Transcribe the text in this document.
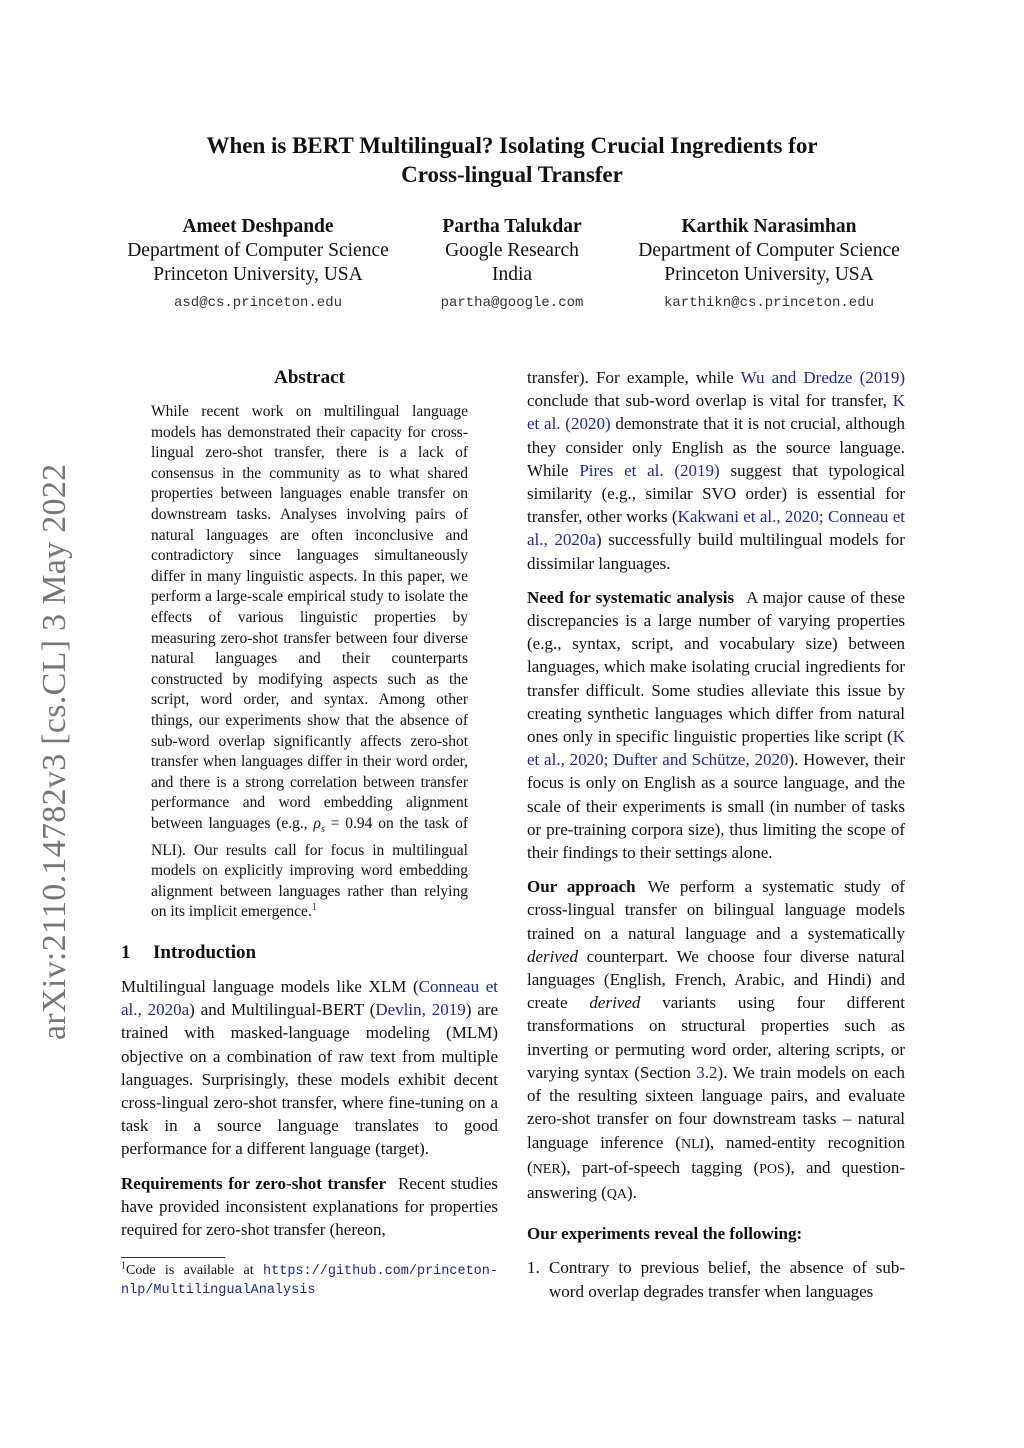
arXiv:2110.14782v3 [cs.CL] 3 May 2022
When is BERT Multilingual? Isolating Crucial Ingredients for
Cross-lingual Transfer
Ameet Deshpande
Department of Computer Science
Princeton University, USA
asd@cs.princeton.edu
Partha Talukdar
Google Research
India
partha@google.com
Karthik Narasimhan
Department of Computer Science
Princeton University, USA
karthikn@cs.princeton.edu
Abstract
While recent work on multilingual language models has demonstrated their capacity for cross-lingual zero-shot transfer, there is a lack of consensus in the community as to what shared properties between languages enable transfer on downstream tasks. Analyses involving pairs of natural languages are often inconclusive and contradictory since languages simultaneously differ in many linguistic aspects. In this paper, we perform a large-scale empirical study to isolate the effects of various linguistic properties by measuring zero-shot transfer between four diverse natural languages and their counterparts constructed by modifying aspects such as the script, word order, and syntax. Among other things, our experiments show that the absence of sub-word overlap significantly affects zero-shot transfer when languages differ in their word order, and there is a strong correlation between transfer performance and word embedding alignment between languages (e.g., $\rho_s = 0.94$ on the task of NLI). Our results call for focus in multilingual models on explicitly improving word embedding alignment between languages rather than relying on its implicit emergence.$^1$
1 Introduction

Multilingual language models like XLM (Conneau et al., 2020a) and Multilingual-BERT (Devlin, 2019) are trained with masked-language modeling (MLM) objective on a combination of raw text from multiple languages. Surprisingly, these models exhibit decent cross-lingual zero-shot transfer, where fine-tuning on a task in a source language translates to good performance for a different language (target).

Requirements for zero-shot transfer Recent studies have provided inconsistent explanations for properties required for zero-shot transfer (hereon,

$^1$Code is available at https://github.com/princeton-nlp/MultilingualAnalysis

transfer). For example, while Wu and Dredze (2019) conclude that sub-word overlap is vital for transfer, K et al. (2020) demonstrate that it is not crucial, although they consider only English as the source language. While Pires et al. (2019) suggest that typological similarity (e.g., similar SVO order) is essential for transfer, other works (Kakwani et al., 2020; Conneau et al., 2020a) successfully build multilingual models for dissimilar languages.

Need for systematic analysis A major cause of these discrepancies is a large number of varying properties (e.g., syntax, script, and vocabulary size) between languages, which make isolating crucial ingredients for transfer difficult. Some studies alleviate this issue by creating synthetic languages which differ from natural ones only in specific linguistic properties like script (K et al., 2020; Dufter and Schütze, 2020). However, their focus is only on English as a source language, and the scale of their experiments is small (in number of tasks or pre-training corpora size), thus limiting the scope of their findings to their settings alone.

Our approach We perform a systematic study of cross-lingual transfer on bilingual language models trained on a natural language and a systematically derived counterpart. We choose four diverse natural languages (English, French, Arabic, and Hindi) and create derived variants using four different transformations on structural properties such as inverting or permuting word order, altering scripts, or varying syntax (Section 3.2). We train models on each of the resulting sixteen language pairs, and evaluate zero-shot transfer on four downstream tasks – natural language inference (NLI), named-entity recognition (NER), part-of-speech tagging (POS), and question-answering (QA).

Our experiments reveal the following:

1. Contrary to previous belief, the absence of sub-word overlap degrades transfer when languages
